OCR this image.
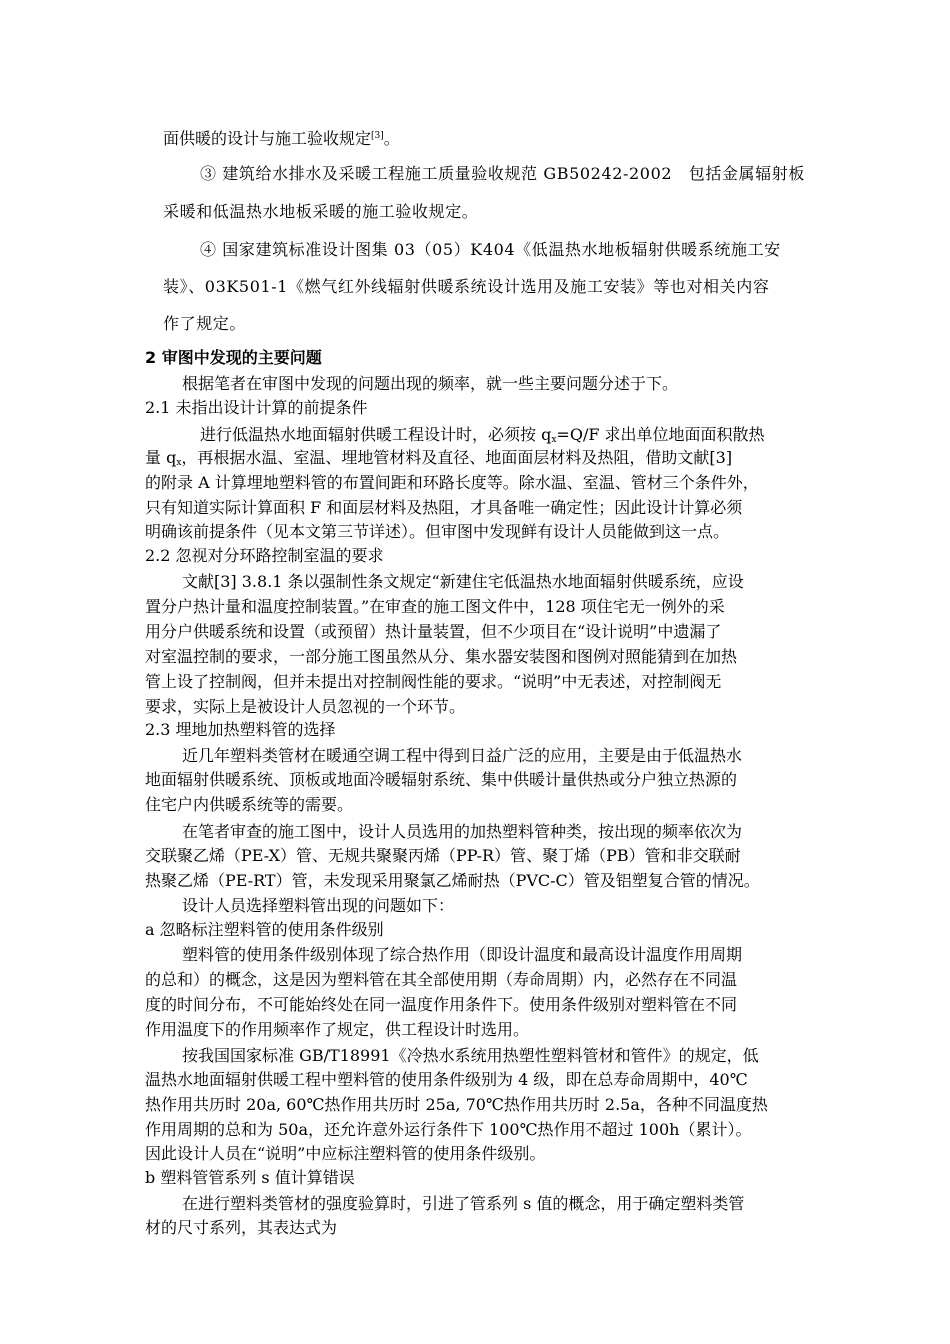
面供暖的设计与施工验收规定[3]。
③ 建筑给水排水及采暖工程施工质量验收规范 GB50242-2002　包括金属辐射板
采暖和低温热水地板采暖的施工验收规定。
④ 国家建筑标准设计图集 03（05）K404《低温热水地板辐射供暖系统施工安
装》、03K501-1《燃气红外线辐射供暖系统设计选用及施工安装》等也对相关内容
作了规定。
2 审图中发现的主要问题
根据笔者在审图中发现的问题出现的频率，就一些主要问题分述于下。
2.1 未指出设计计算的前提条件
进行低温热水地面辐射供暖工程设计时，必须按 $q_x=Q/F$ 求出单位地面面积散热
量 $q_x$，再根据水温、室温、埋地管材料及直径、地面面层材料及热阻，借助文献[3]
的附录 A 计算埋地塑料管的布置间距和环路长度等。除水温、室温、管材三个条件外，
只有知道实际计算面积 F 和面层材料及热阻，才具备唯一确定性；因此设计计算必须
明确该前提条件（见本文第三节详述）。但审图中发现鲜有设计人员能做到这一点。
2.2 忽视对分环路控制室温的要求
文献[3] 3.8.1 条以强制性条文规定“新建住宅低温热水地面辐射供暖系统，应设
置分户热计量和温度控制装置。”在审查的施工图文件中，128 项住宅无一例外的采
用分户供暖系统和设置（或预留）热计量装置，但不少项目在“设计说明”中遗漏了
对室温控制的要求，一部分施工图虽然从分、集水器安装图和图例对照能猜到在加热
管上设了控制阀，但并未提出对控制阀性能的要求。“说明”中无表述，对控制阀无
要求，实际上是被设计人员忽视的一个环节。
2.3 埋地加热塑料管的选择
近几年塑料类管材在暖通空调工程中得到日益广泛的应用，主要是由于低温热水
地面辐射供暖系统、顶板或地面冷暖辐射系统、集中供暖计量供热或分户独立热源的
住宅户内供暖系统等的需要。
在笔者审查的施工图中，设计人员选用的加热塑料管种类，按出现的频率依次为
交联聚乙烯（PE-X）管、无规共聚聚丙烯（PP-R）管、聚丁烯（PB）管和非交联耐
热聚乙烯（PE-RT）管，未发现采用聚氯乙烯耐热（PVC-C）管及铝塑复合管的情况。
设计人员选择塑料管出现的问题如下：
a 忽略标注塑料管的使用条件级别
塑料管的使用条件级别体现了综合热作用（即设计温度和最高设计温度作用周期
的总和）的概念，这是因为塑料管在其全部使用期（寿命周期）内，必然存在不同温
度的时间分布，不可能始终处在同一温度作用条件下。使用条件级别对塑料管在不同
作用温度下的作用频率作了规定，供工程设计时选用。
按我国国家标准 GB/T18991《冷热水系统用热塑性塑料管材和管件》的规定，低
温热水地面辐射供暖工程中塑料管的使用条件级别为 4 级，即在总寿命周期中，40℃
热作用共历时 20a, 60℃热作用共历时 25a, 70℃热作用共历时 2.5a，各种不同温度热
作用周期的总和为 50a，还允许意外运行条件下 100℃热作用不超过 100h（累计）。
因此设计人员在“说明”中应标注塑料管的使用条件级别。
b 塑料管管系列 s 值计算错误
在进行塑料类管材的强度验算时，引进了管系列 s 值的概念，用于确定塑料类管
材的尺寸系列，其表达式为
